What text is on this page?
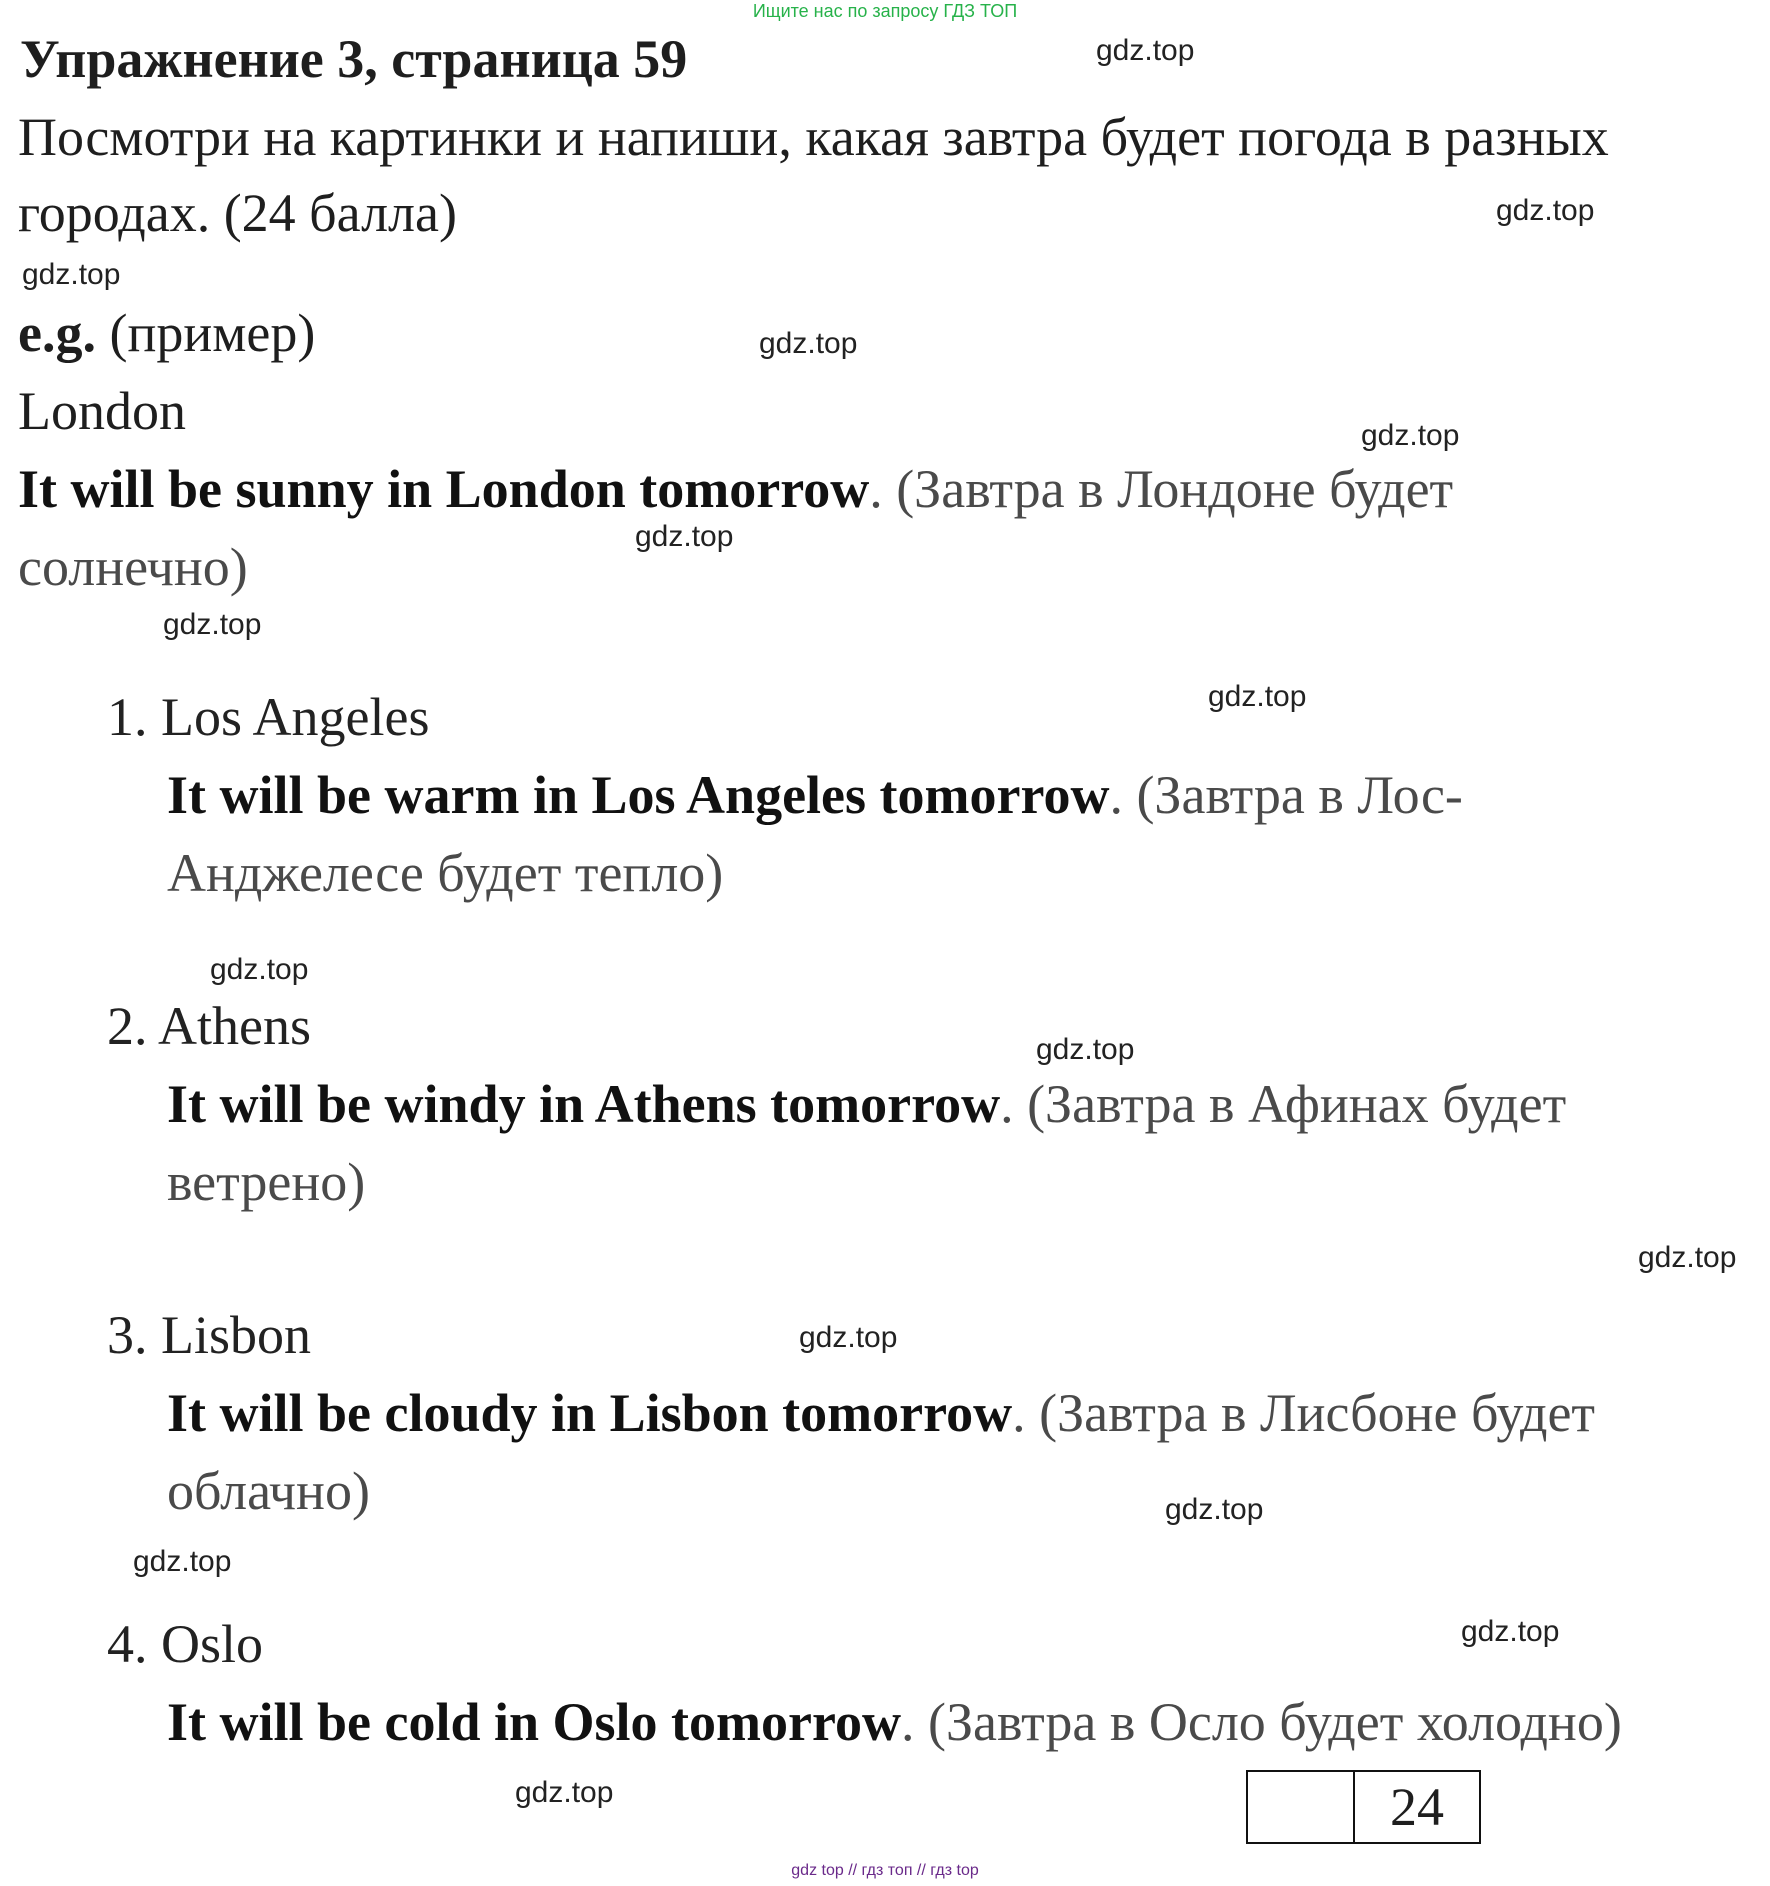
Ищите нас по запросу ГДЗ ТОП
Упражнение 3, страница 59
Посмотри на картинки и напиши, какая завтра будет погода в разных
городах. (24 балла)
e.g. (пример)
London
It will be sunny in London tomorrow. (Завтра в Лондоне будет
солнечно)
1. Los Angeles
It will be warm in Los Angeles tomorrow. (Завтра в Лос-
Анджелесе будет тепло)
2. Athens
It will be windy in Athens tomorrow. (Завтра в Афинах будет
ветрено)
3. Lisbon
It will be cloudy in Lisbon tomorrow. (Завтра в Лисбоне будет
облачно)
4. Oslo
It will be cold in Oslo tomorrow. (Завтра в Осло будет холодно)
24
gdz.top
gdz.top
gdz.top
gdz.top
gdz.top
gdz.top
gdz.top
gdz.top
gdz.top
gdz.top
gdz.top
gdz.top
gdz.top
gdz.top
gdz.top
gdz.top
gdz top // гдз топ // гдз top
